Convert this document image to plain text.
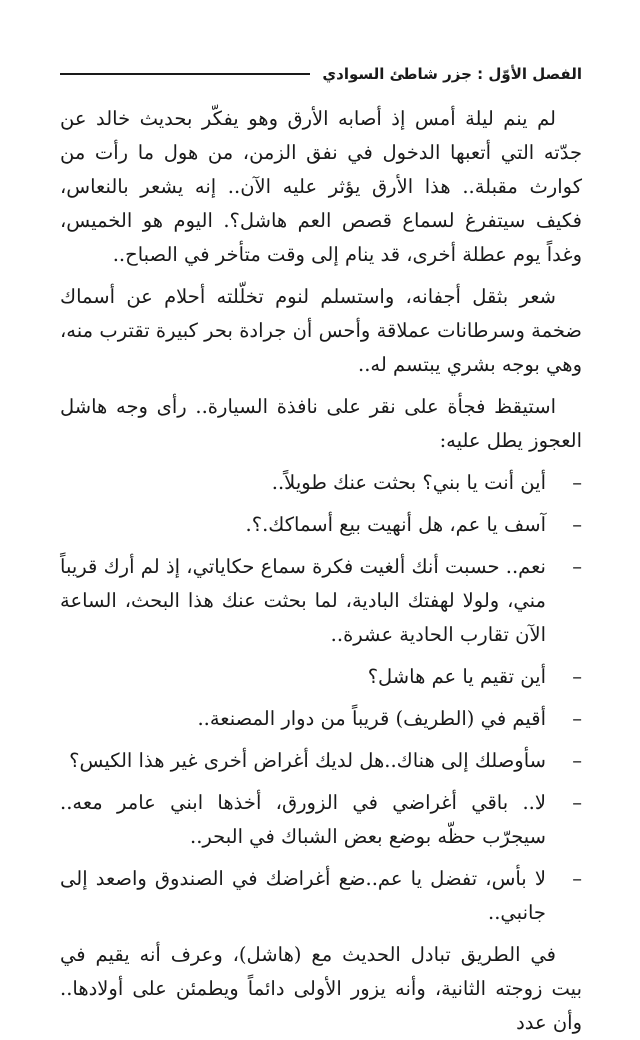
الفصل الأوّل : جزر شاطئ السوادي

لم ينم ليلة أمس إذ أصابه الأرق وهو يفكّر بحديث خالد عن جدّته التي أتعبها الدخول في نفق الزمن، من هول ما رأت من كوارث مقبلة.. هذا الأرق يؤثر عليه الآن.. إنه يشعر بالنعاس، فكيف سيتفرغ لسماع قصص العم هاشل؟. اليوم هو الخميس، وغداً يوم عطلة أخرى، قد ينام إلى وقت متأخر في الصباح..

شعر بثقل أجفانه، واستسلم لنوم تخلّلته أحلام عن أسماك ضخمة وسرطانات عملاقة وأحس أن جرادة بحر كبيرة تقترب منه، وهي بوجه بشري يبتسم له..

استيقظ فجأة على نقر على نافذة السيارة.. رأى وجه هاشل العجوز يطل عليه:

–
أين أنت يا بني؟ بحثت عنك طويلاً..
–
آسف يا عم، هل أنهيت بيع أسماكك.؟.
–
نعم.. حسبت أنك ألغيت فكرة سماع حكاياتي، إذ لم أرك قريباً مني، ولولا لهفتك البادية، لما بحثت عنك هذا البحث، الساعة الآن تقارب الحادية عشرة..
–
أين تقيم يا عم هاشل؟
–
أقيم في (الطريف) قريباً من دوار المصنعة..
–
سأوصلك إلى هناك..هل لديك أغراض أخرى غير هذا الكيس؟
–
لا.. باقي أغراضي في الزورق، أخذها ابني عامر معه.. سيجرّب حظّه بوضع بعض الشباك في البحر..
–
لا بأس، تفضل يا عم..ضع أغراضك في الصندوق واصعد إلى جانبي..

في الطريق تبادل الحديث مع (هاشل)، وعرف أنه يقيم في بيت زوجته الثانية، وأنه يزور الأولى دائماً ويطمئن على أولادها.. وأن عدد
